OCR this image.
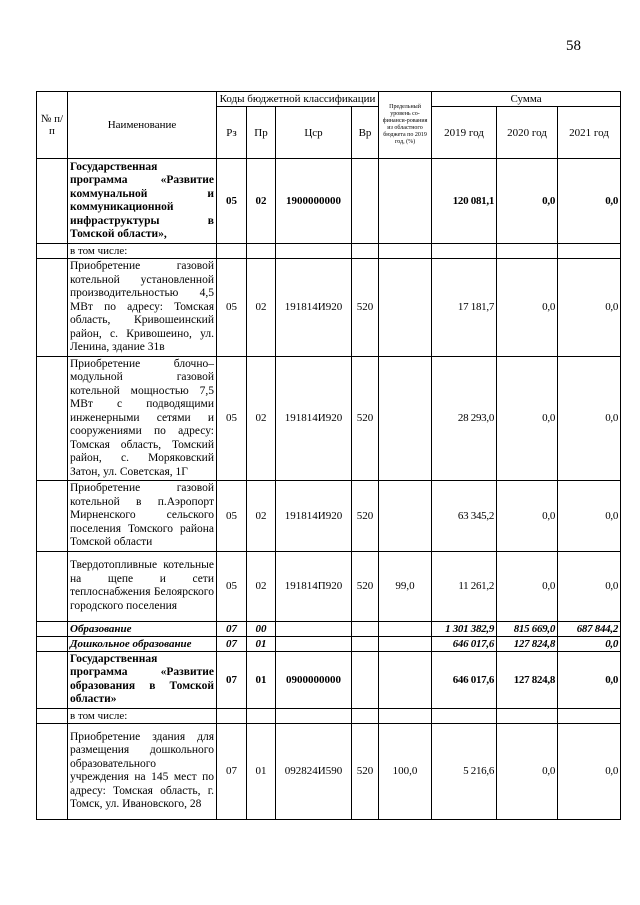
58
№ п/п	Наименование	Коды бюджетной классификации				Предельный уровень со-финанси-рования из областного бюджета по 2019 год, (%)	Сумма		
		Рз	Пр	Цср	Вр		2019 год	2020 год	2021 год
	Государственная программа «Развитие коммунальной и коммуникационной инфраструктуры в Томской области»,	05	02	1900000000			120 081,1	0,0	0,0
	в том числе:								
	Приобретение газовой котельной установленной производительностью 4,5 МВт по адресу: Томская область, Кривошеинский район, с. Кривошеино, ул. Ленина, здание 31в	05	02	191814И920	520		17 181,7	0,0	0,0
	Приобретение блочно–модульной газовой котельной мощностью 7,5 МВт с подводящими инженерными сетями и сооружениями по адресу: Томская область, Томский район, с. Моряковский Затон, ул. Советская, 1Г	05	02	191814И920	520		28 293,0	0,0	0,0
	Приобретение газовой котельной в п.Аэропорт Мирненского сельского поселения Томского района Томской области	05	02	191814И920	520		63 345,2	0,0	0,0
	Твердотопливные котельные на щепе и сети теплоснабжения Белоярского городского поселения	05	02	191814П920	520	99,0	11 261,2	0,0	0,0
	Образование	07	00				1 301 382,9	815 669,0	687 844,2
	Дошкольное образование	07	01				646 017,6	127 824,8	0,0
	Государственная программа «Развитие образования в Томской области»	07	01	0900000000			646 017,6	127 824,8	0,0
	в том числе:								
	Приобретение здания для размещения дошкольного образовательного учреждения на 145 мест по адресу: Томская область, г. Томск, ул. Ивановского, 28	07	01	092824И590	520	100,0	5 216,6	0,0	0,0
